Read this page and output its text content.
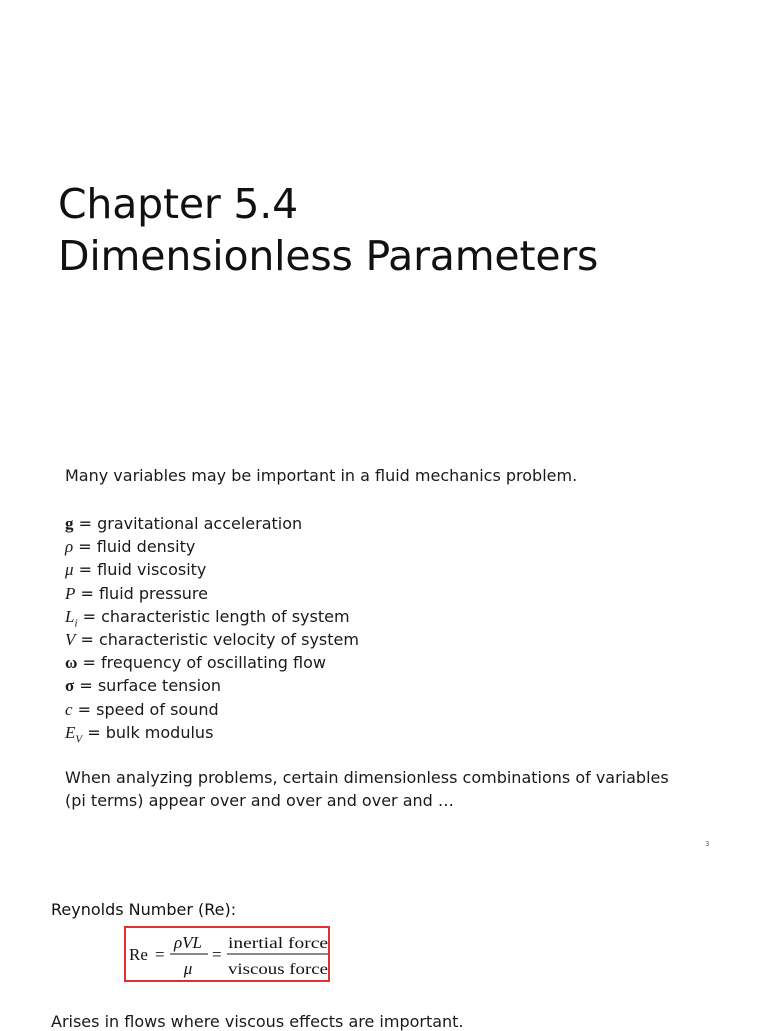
Chapter 5.4
Dimensionless Parameters
Many variables may be important in a fluid mechanics problem.
g = gravitational acceleration
ρ = fluid density
μ = fluid viscosity
P = fluid pressure
$L_i$ = characteristic length of system
V = characteristic velocity of system
ω = frequency of oscillating flow
σ = surface tension
c = speed of sound
$E_V$ = bulk modulus
When analyzing problems, certain dimensionless combinations of variables (pi terms) appear over and over and over and …
3
Reynolds Number (Re):
Re =
ρVL
μ
=
inertial force
viscous force
Arises in flows where viscous effects are important.
